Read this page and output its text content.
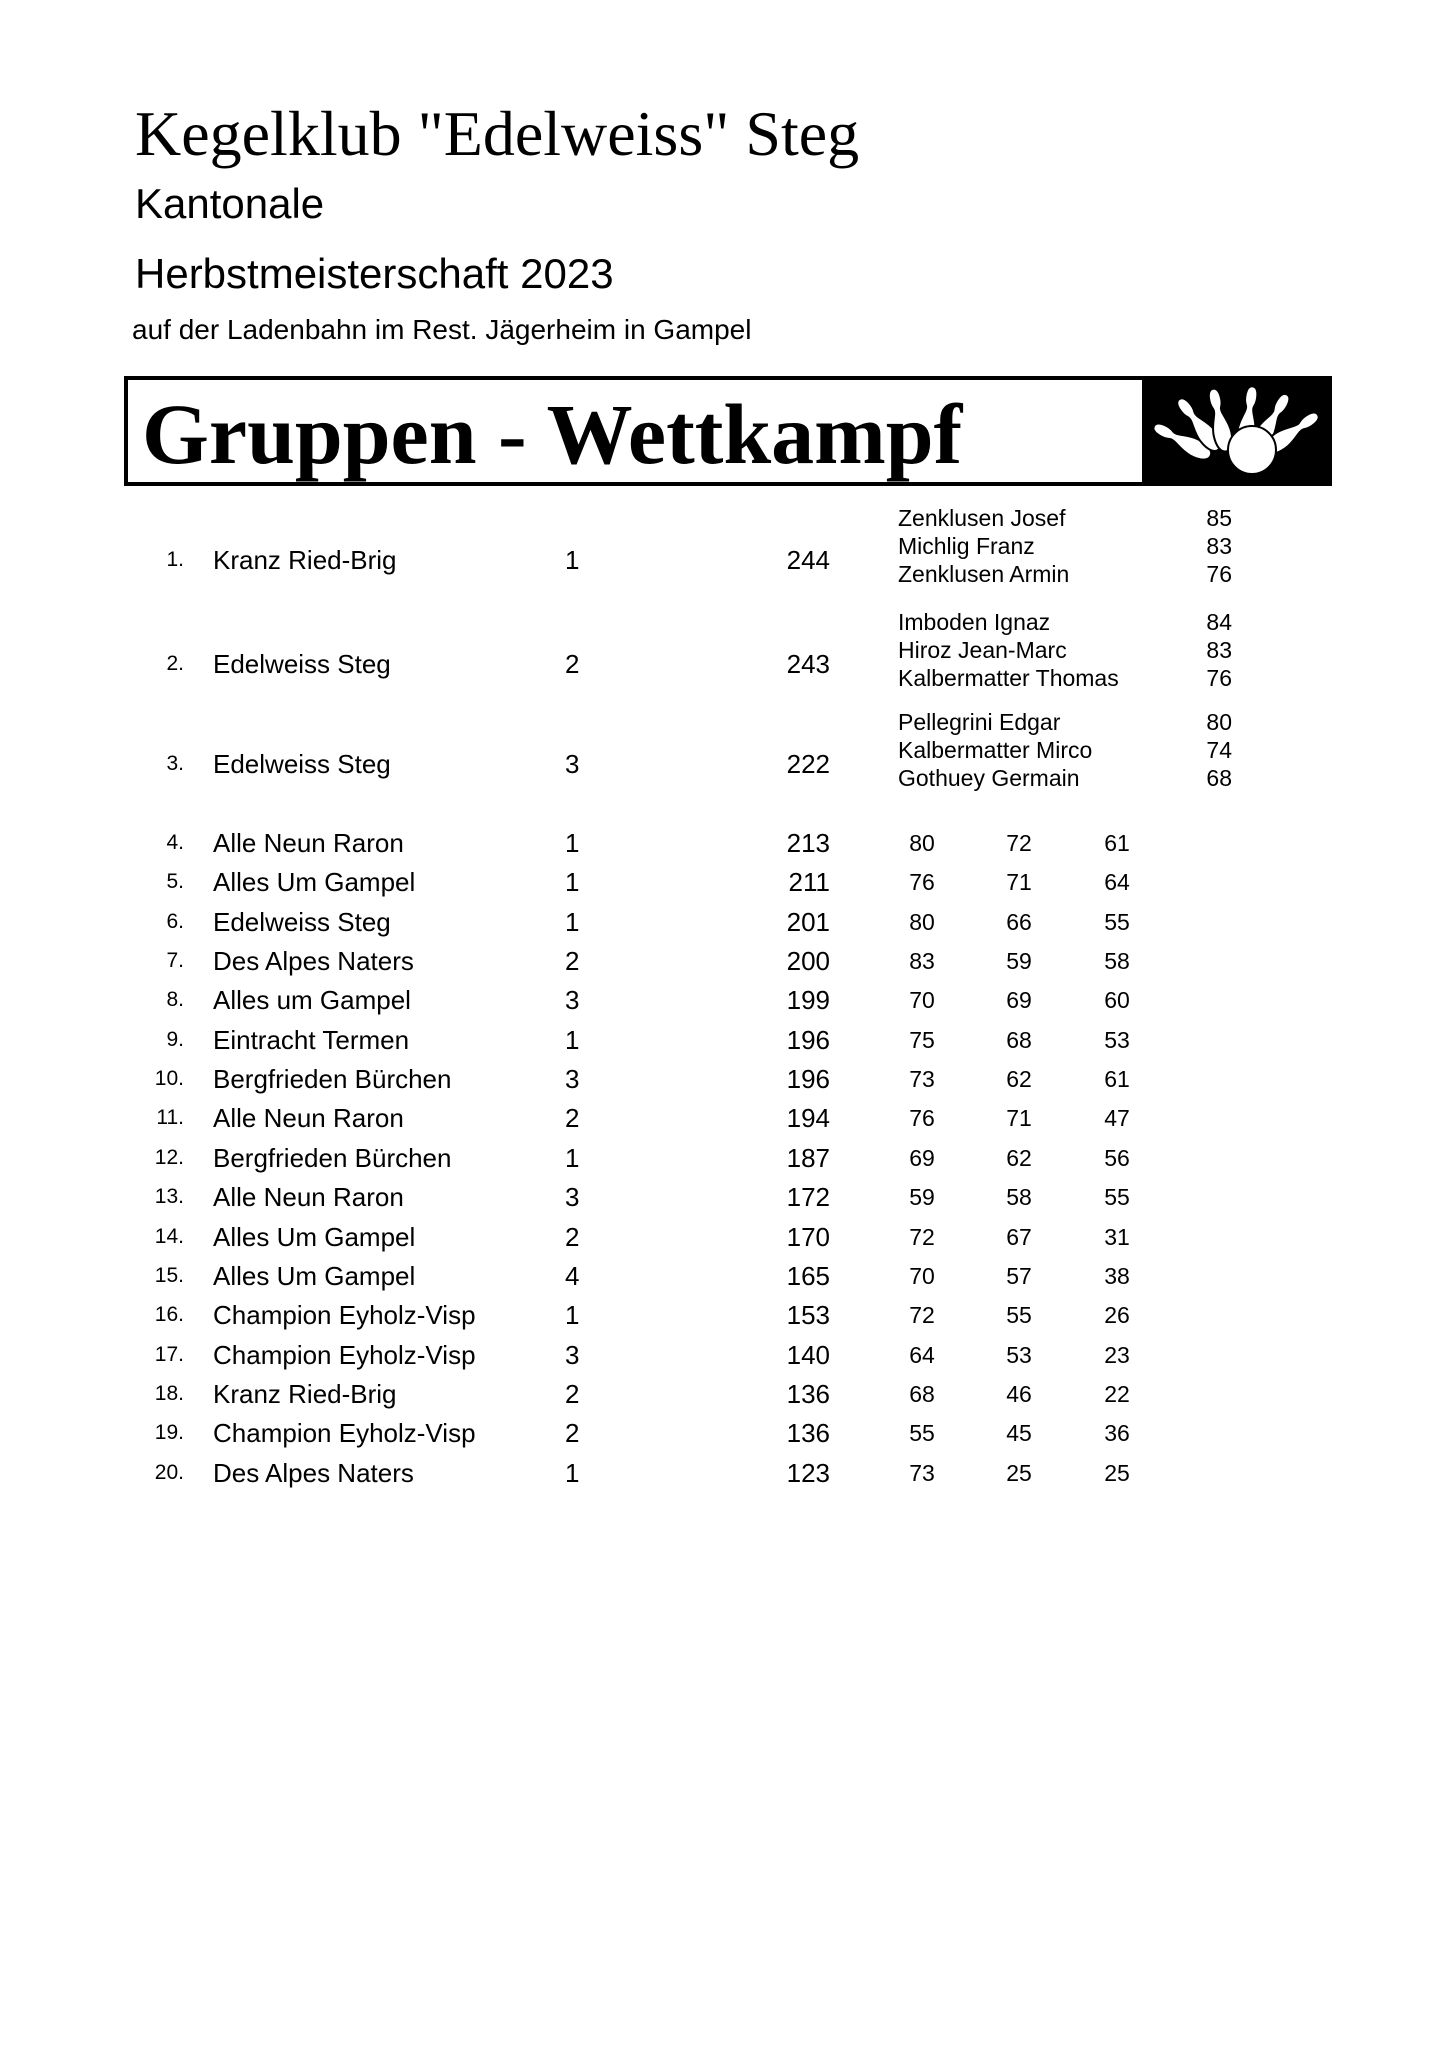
Kegelklub "Edelweiss" Steg
Kantonale
Herbstmeisterschaft 2023
auf der Ladenbahn im Rest. Jägerheim in Gampel
Gruppen - Wettkampf
1. Kranz Ried-Brig	1	244
Zenklusen Josef	85
Michlig Franz	83
Zenklusen Armin	76
2. Edelweiss Steg	2	243
Imboden Ignaz	84
Hiroz Jean-Marc	83
Kalbermatter Thomas	76
3. Edelweiss Steg	3	222
Pellegrini Edgar	80
Kalbermatter Mirco	74
Gothuey Germain	68
4. Alle Neun Raron	1	213	80	72	61
5. Alles Um Gampel	1	211	76	71	64
6. Edelweiss Steg	1	201	80	66	55
7. Des Alpes Naters	2	200	83	59	58
8. Alles um Gampel	3	199	70	69	60
9. Eintracht Termen	1	196	75	68	53
10. Bergfrieden Bürchen	3	196	73	62	61
11. Alle Neun Raron	2	194	76	71	47
12. Bergfrieden Bürchen	1	187	69	62	56
13. Alle Neun Raron	3	172	59	58	55
14. Alles Um Gampel	2	170	72	67	31
15. Alles Um Gampel	4	165	70	57	38
16. Champion Eyholz-Visp	1	153	72	55	26
17. Champion Eyholz-Visp	3	140	64	53	23
18. Kranz Ried-Brig	2	136	68	46	22
19. Champion Eyholz-Visp	2	136	55	45	36
20. Des Alpes Naters	1	123	73	25	25
